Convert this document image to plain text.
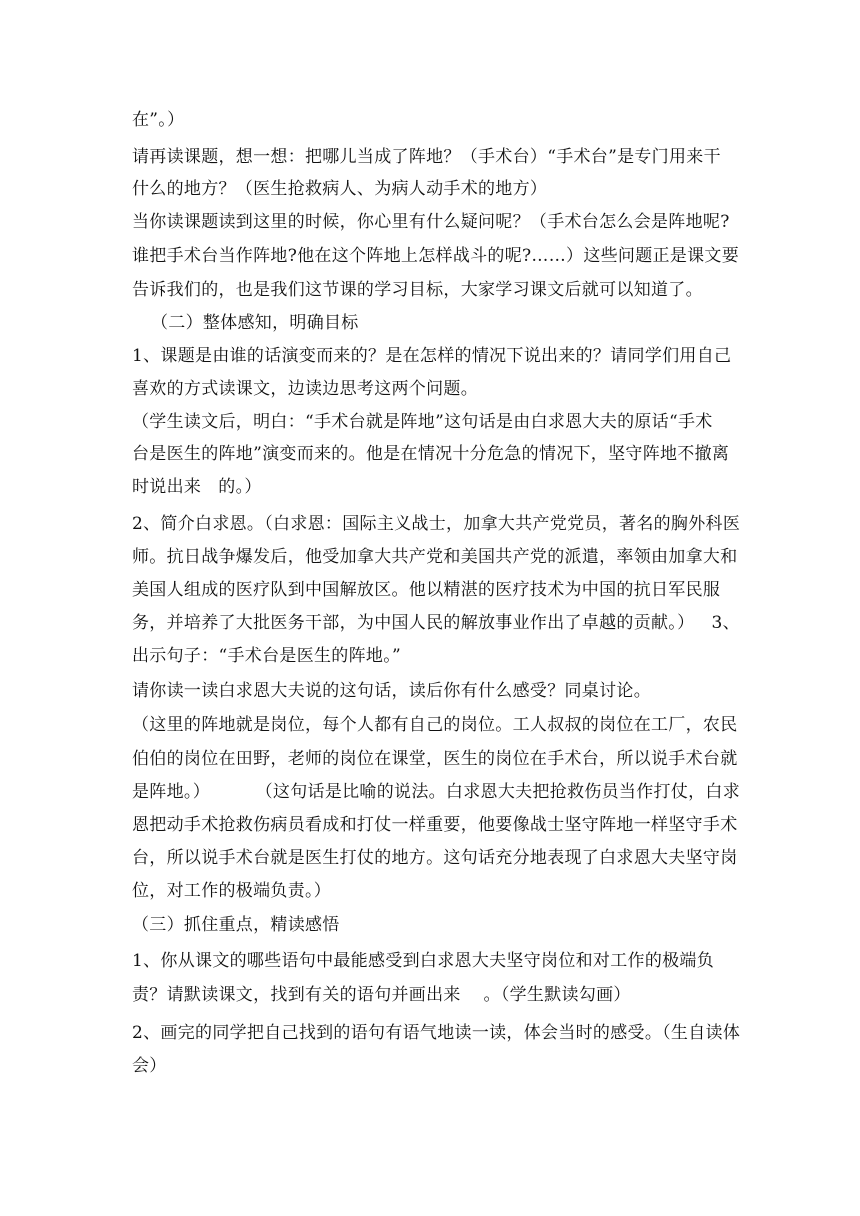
在”。）
请再读课题，想一想：把哪儿当成了阵地？（手术台）“手术台”是专门用来干
什么的地方？（医生抢救病人、为病人动手术的地方）
当你读课题读到这里的时候，你心里有什么疑问呢？（手术台怎么会是阵地呢?
谁把手术台当作阵地?他在这个阵地上怎样战斗的呢?……）这些问题正是课文要
告诉我们的，也是我们这节课的学习目标，大家学习课文后就可以知道了。
（二）整体感知，明确目标
1、课题是由谁的话演变而来的？是在怎样的情况下说出来的？请同学们用自己
喜欢的方式读课文，边读边思考这两个问题。
（学生读文后，明白：“手术台就是阵地”这句话是由白求恩大夫的原话“手术
台是医生的阵地”演变而来的。他是在情况十分危急的情况下，坚守阵地不撤离
时说出来   的。）
2、简介白求恩。（白求恩：国际主义战士，加拿大共产党党员，著名的胸外科医
师。抗日战争爆发后，他受加拿大共产党和美国共产党的派遣，率领由加拿大和
美国人组成的医疗队到中国解放区。他以精湛的医疗技术为中国的抗日军民服
务，并培养了大批医务干部，为中国人民的解放事业作出了卓越的贡献。）   3、
出示句子：“手术台是医生的阵地。”
请你读一读白求恩大夫说的这句话，读后你有什么感受？同桌讨论。
（这里的阵地就是岗位，每个人都有自己的岗位。工人叔叔的岗位在工厂，农民
伯伯的岗位在田野，老师的岗位在课堂，医生的岗位在手术台，所以说手术台就
是阵地。）        （这句话是比喻的说法。白求恩大夫把抢救伤员当作打仗，白求
恩把动手术抢救伤病员看成和打仗一样重要，他要像战士坚守阵地一样坚守手术
台，所以说手术台就是医生打仗的地方。这句话充分地表现了白求恩大夫坚守岗
位，对工作的极端负责。）
（三）抓住重点，精读感悟
1、你从课文的哪些语句中最能感受到白求恩大夫坚守岗位和对工作的极端负
责？请默读课文，找到有关的语句并画出来    。（学生默读勾画）
2、画完的同学把自己找到的语句有语气地读一读，体会当时的感受。（生自读体
会）
